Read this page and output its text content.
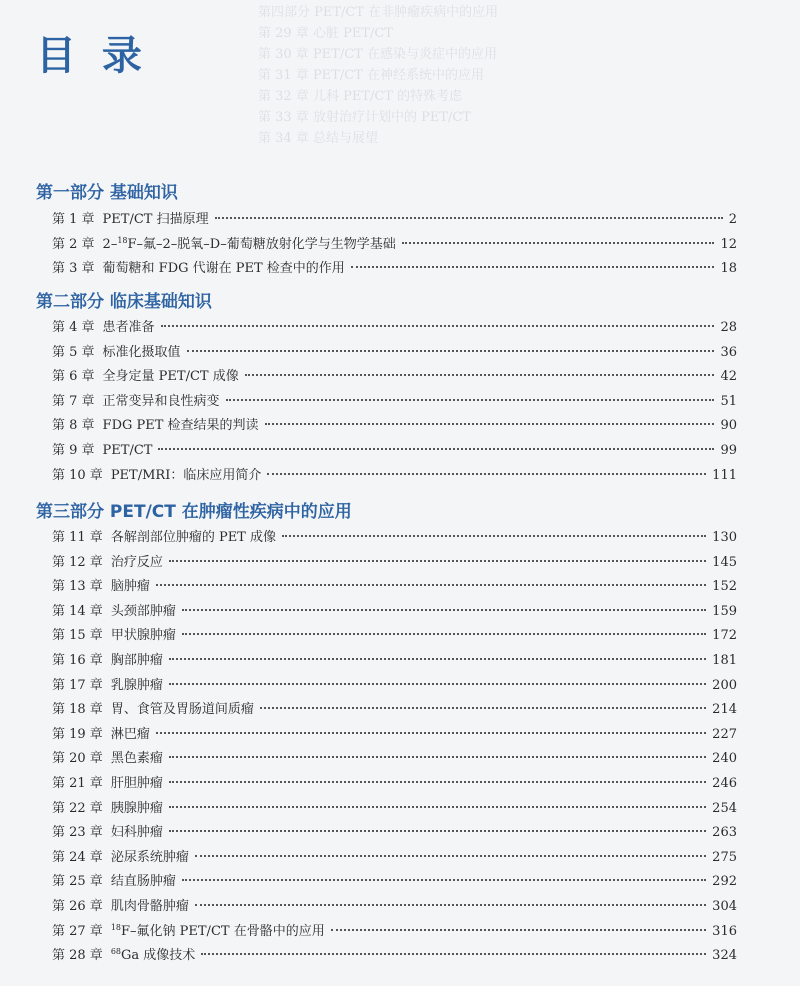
第四部分 PET/CT 在非肿瘤疾病中的应用
第 29 章 心脏 PET/CT
第 30 章 PET/CT 在感染与炎症中的应用
第 31 章 PET/CT 在神经系统中的应用
第 32 章 儿科 PET/CT 的特殊考虑
第 33 章 放射治疗计划中的 PET/CT
第 34 章 总结与展望
目 录
第一部分 基础知识
第 1 章 PET/CT 扫描原理	2
第 2 章 2–$^{18}$F–氟–2–脱氧–D–葡萄糖放射化学与生物学基础	12
第 3 章 葡萄糖和 FDG 代谢在 PET 检查中的作用	18
第二部分 临床基础知识
第 4 章 患者准备	28
第 5 章 标准化摄取值	36
第 6 章 全身定量 PET/CT 成像	42
第 7 章 正常变异和良性病变	51
第 8 章 FDG PET 检查结果的判读	90
第 9 章 PET/CT	99
第 10 章 PET/MRI：临床应用简介	111
第三部分 PET/CT 在肿瘤性疾病中的应用
第 11 章 各解剖部位肿瘤的 PET 成像	130
第 12 章 治疗反应	145
第 13 章 脑肿瘤	152
第 14 章 头颈部肿瘤	159
第 15 章 甲状腺肿瘤	172
第 16 章 胸部肿瘤	181
第 17 章 乳腺肿瘤	200
第 18 章 胃、食管及胃肠道间质瘤	214
第 19 章 淋巴瘤	227
第 20 章 黑色素瘤	240
第 21 章 肝胆肿瘤	246
第 22 章 胰腺肿瘤	254
第 23 章 妇科肿瘤	263
第 24 章 泌尿系统肿瘤	275
第 25 章 结直肠肿瘤	292
第 26 章 肌肉骨骼肿瘤	304
第 27 章 $^{18}$F–氟化钠 PET/CT 在骨骼中的应用	316
第 28 章 $^{68}$Ga 成像技术	324
